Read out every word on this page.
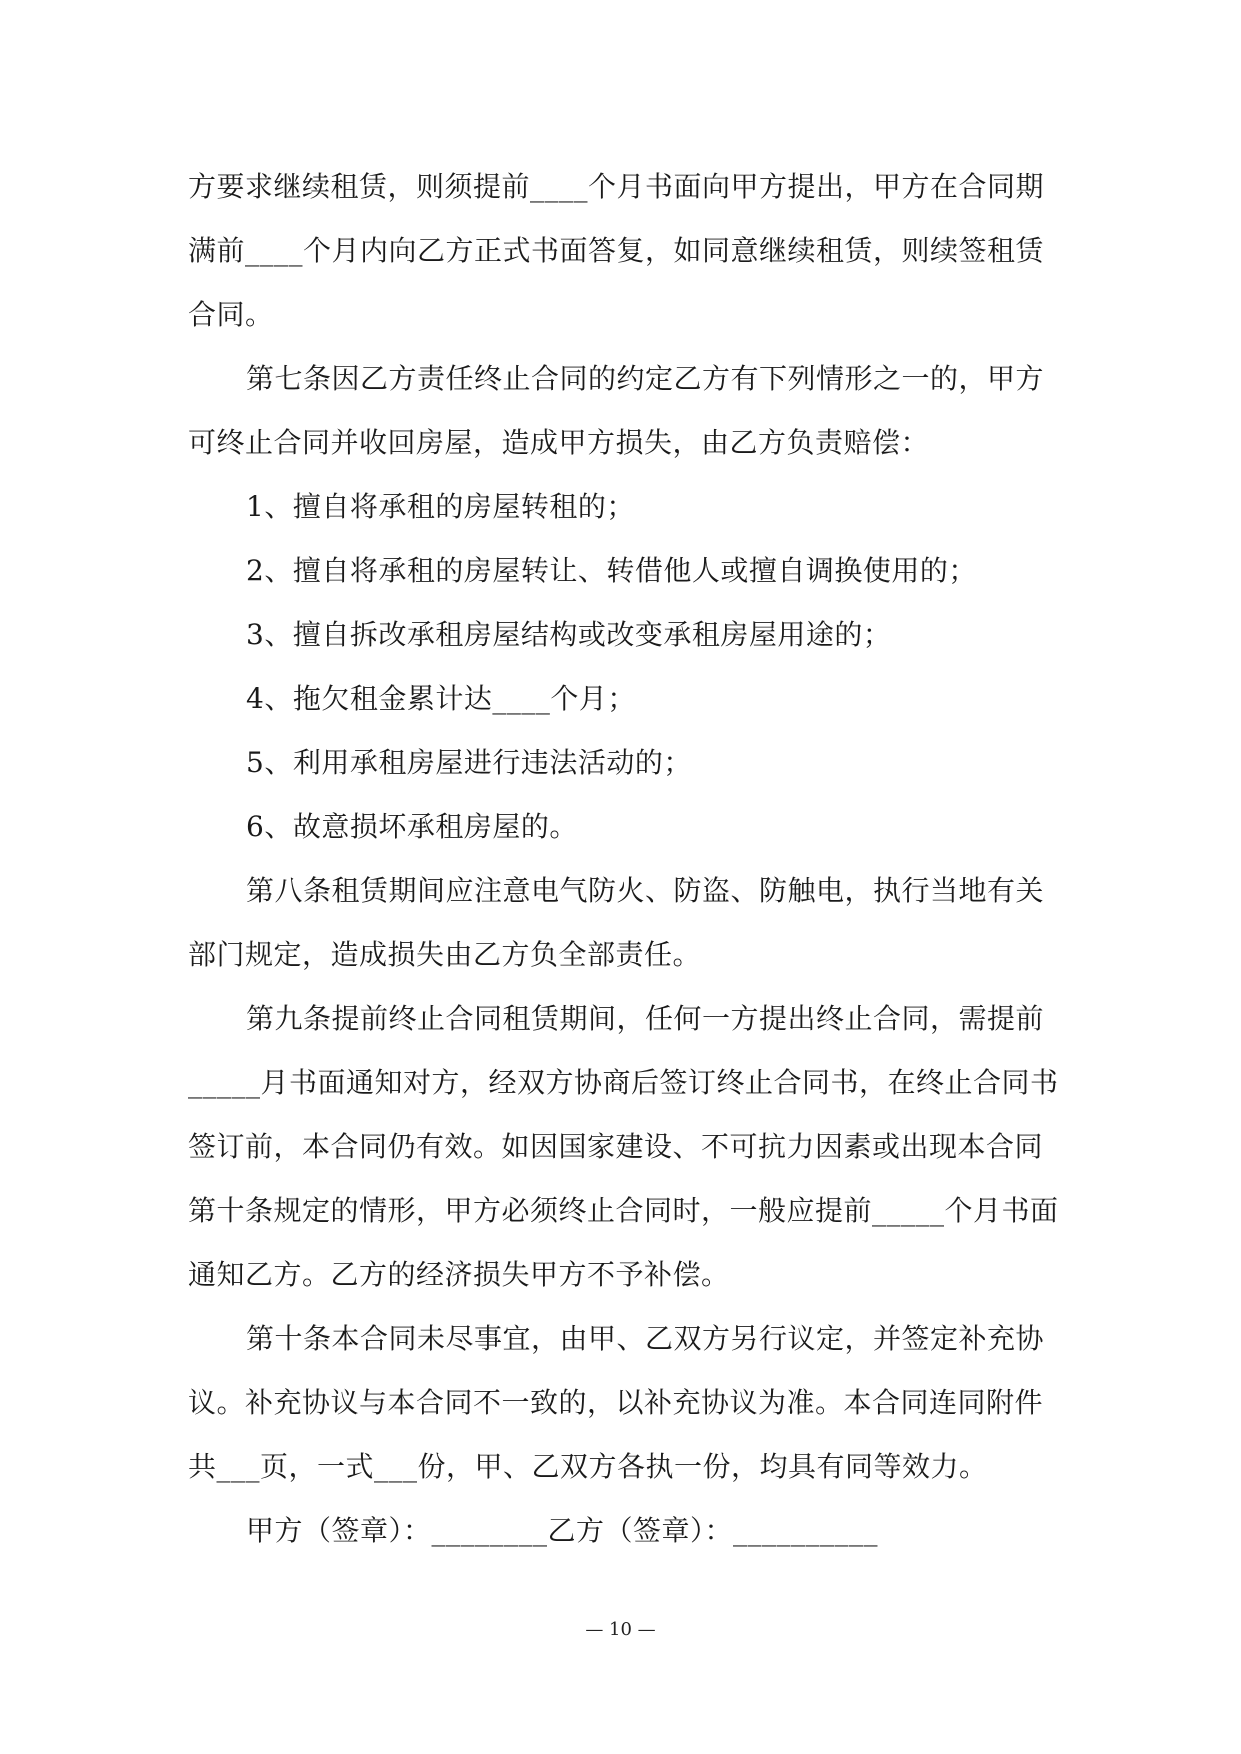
方要求继续租赁，则须提前____个月书面向甲方提出，甲方在合同期满前____个月内向乙方正式书面答复，如同意继续租赁，则续签租赁合同。

第七条因乙方责任终止合同的约定乙方有下列情形之一的，甲方可终止合同并收回房屋，造成甲方损失，由乙方负责赔偿：

1、擅自将承租的房屋转租的；

2、擅自将承租的房屋转让、转借他人或擅自调换使用的；

3、擅自拆改承租房屋结构或改变承租房屋用途的；

4、拖欠租金累计达____个月；

5、利用承租房屋进行违法活动的；

6、故意损坏承租房屋的。

第八条租赁期间应注意电气防火、防盗、防触电，执行当地有关部门规定，造成损失由乙方负全部责任。

第九条提前终止合同租赁期间，任何一方提出终止合同，需提前_____月书面通知对方，经双方协商后签订终止合同书，在终止合同书签订前，本合同仍有效。如因国家建设、不可抗力因素或出现本合同第十条规定的情形，甲方必须终止合同时，一般应提前_____个月书面通知乙方。乙方的经济损失甲方不予补偿。

第十条本合同未尽事宜，由甲、乙双方另行议定，并签定补充协议。补充协议与本合同不一致的，以补充协议为准。本合同连同附件共___页，一式___份，甲、乙双方各执一份，均具有同等效力。

甲方（签章）：________乙方（签章）：__________

— 10 —
